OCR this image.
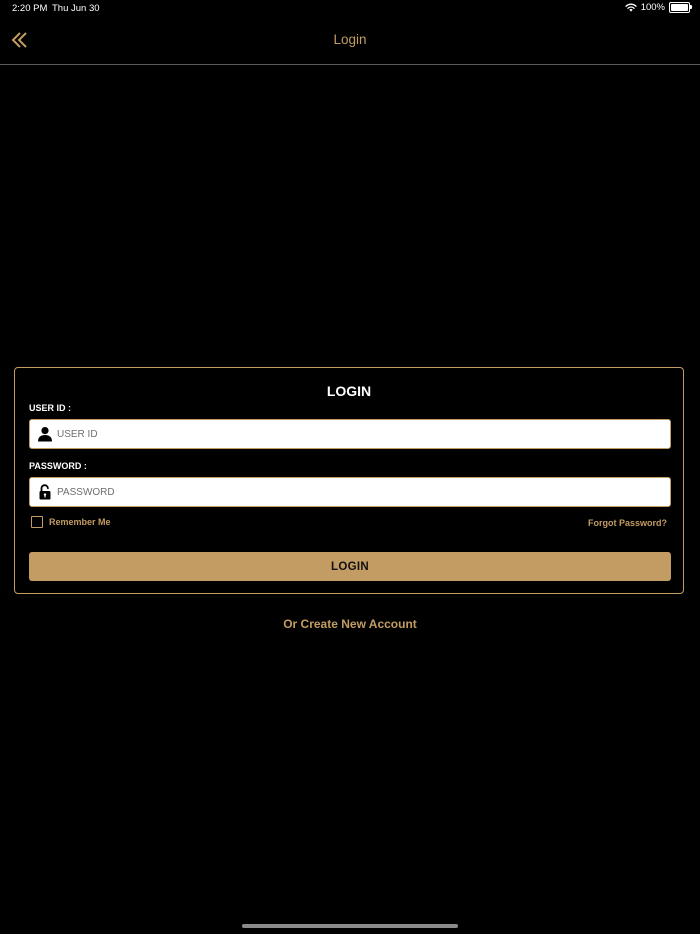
2:20 PM Thu Jun 30	100%
Login
LOGIN
USER ID :
USER ID
PASSWORD :
Remember Me	Forgot Password?
LOGIN
Or Create New Account
